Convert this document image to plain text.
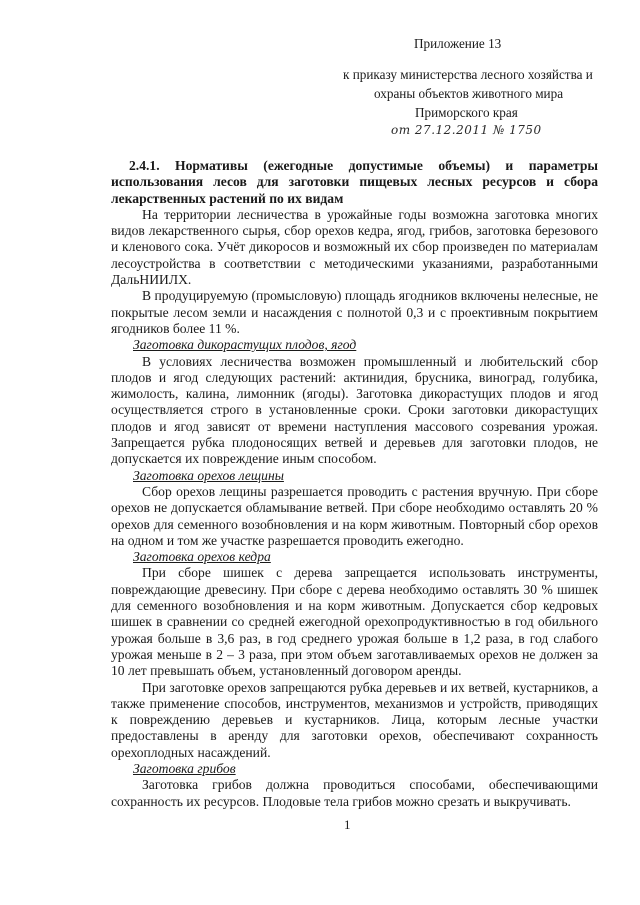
Приложение 13
к приказу министерства лесного хозяйства и
охраны объектов животного мира
Приморского края
от 27.12.2011 № 1750
2.4.1. Нормативы (ежегодные допустимые объемы) и параметры использования лесов для заготовки пищевых лесных ресурсов и сбора лекарственных растений по их видам

На территории лесничества в урожайные годы возможна заготовка многих видов лекарственного сырья, сбор орехов кедра, ягод, грибов, заготовка березового и кленового сока. Учёт дикоросов и возможный их сбор произведен по материалам лесоустройства в соответствии с методическими указаниями, разработанными ДальНИИЛХ.

В продуцируемую (промысловую) площадь ягодников включены нелесные, не покрытые лесом земли и насаждения с полнотой 0,3 и с проективным покрытием ягодников более 11 %.

Заготовка дикорастущих плодов, ягод

В условиях лесничества возможен промышленный и любительский сбор плодов и ягод следующих растений: актинидия, брусника, виноград, голубика, жимолость, калина, лимонник (ягоды). Заготовка дикорастущих плодов и ягод осуществляется строго в установленные сроки. Сроки заготовки дикорастущих плодов и ягод зависят от времени наступления массового созревания урожая. Запрещается рубка плодоносящих ветвей и деревьев для заготовки плодов, не допускается их повреждение иным способом.

Заготовка орехов лещины

Сбор орехов лещины разрешается проводить с растения вручную. При сборе орехов не допускается обламывание ветвей. При сборе необходимо оставлять 20 % орехов для семенного возобновления и на корм животным. Повторный сбор орехов на одном и том же участке разрешается проводить ежегодно.

Заготовка орехов кедра

При сборе шишек с дерева запрещается использовать инструменты, повреждающие древесину. При сборе с дерева необходимо оставлять 30 % шишек для семенного возобновления и на корм животным. Допускается сбор кедровых шишек в сравнении со средней ежегодной орехопродуктивностью в год обильного урожая больше в 3,6 раз, в год среднего урожая больше в 1,2 раза, в год слабого урожая меньше в 2 – 3 раза, при этом объем заготавливаемых орехов не должен за 10 лет превышать объем, установленный договором аренды.

При заготовке орехов запрещаются рубка деревьев и их ветвей, кустарников, а также применение способов, инструментов, механизмов и устройств, приводящих к повреждению деревьев и кустарников. Лица, которым лесные участки предоставлены в аренду для заготовки орехов, обеспечивают сохранность орехоплодных насаждений.

Заготовка грибов

Заготовка грибов должна проводиться способами, обеспечивающими сохранность их ресурсов. Плодовые тела грибов можно срезать и выкручивать.

1
